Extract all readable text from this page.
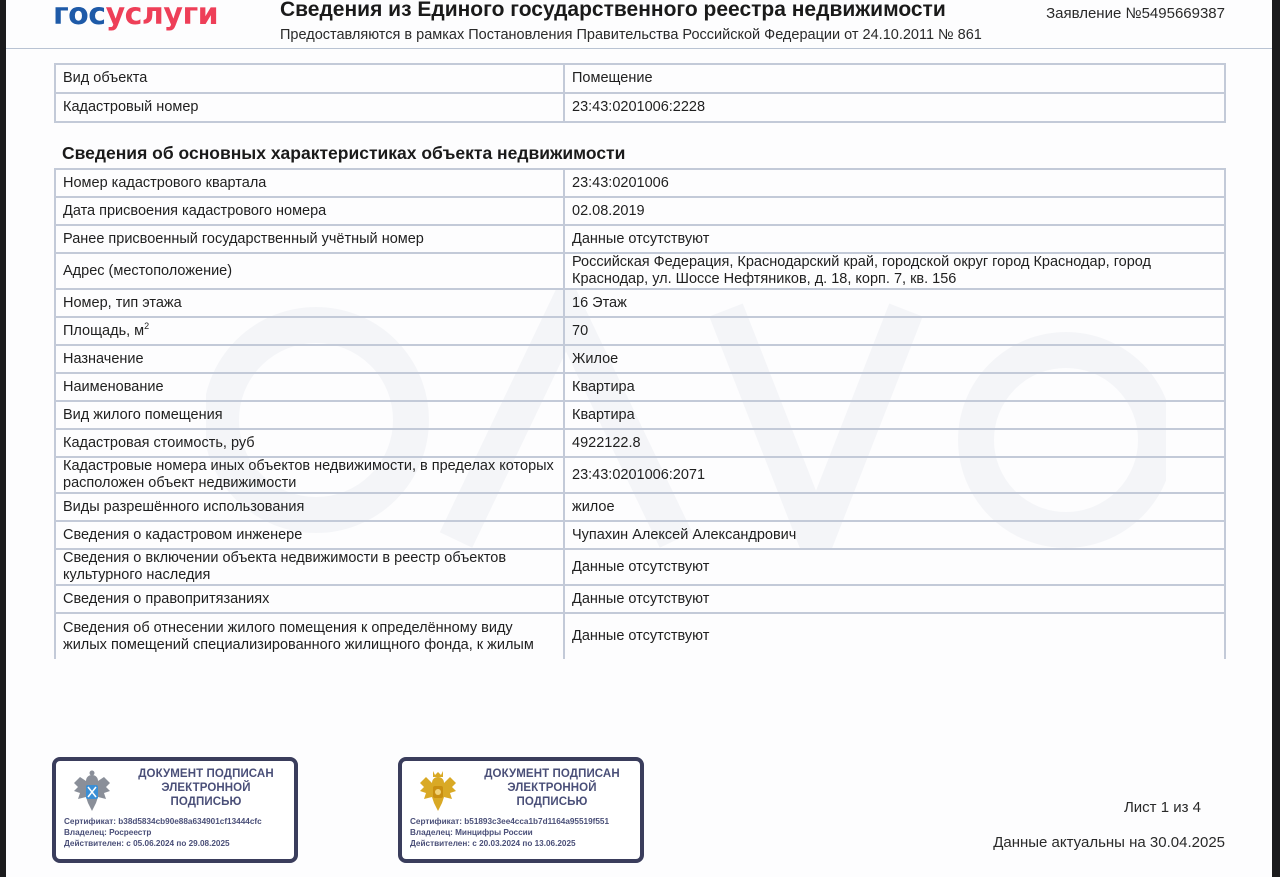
госуслуги	Сведения из Единого государственного реестра недвижимости
Предоставляются в рамках Постановления Правительства Российской Федерации от 24.10.2011 № 861
Заявление №5495669387
Вид объекта	Помещение
Кадастровый номер	23:43:0201006:2228
Сведения об основных характеристиках объекта недвижимости
Номер кадастрового квартала	23:43:0201006
Дата присвоения кадастрового номера	02.08.2019
Ранее присвоенный государственный учётный номер	Данные отсутствуют
Адрес (местоположение)	Российская Федерация, Краснодарский край, городской округ город Краснодар, город Краснодар, ул. Шоссе Нефтяников, д. 18, корп. 7, кв. 156
Номер, тип этажа	16 Этаж
Площадь, $м^2$	70
Назначение	Жилое
Наименование	Квартира
Вид жилого помещения	Квартира
Кадастровая стоимость, руб	4922122.8
Кадастровые номера иных объектов недвижимости, в пределах которых расположен объект недвижимости	23:43:0201006:2071
Виды разрешённого использования	жилое
Сведения о кадастровом инженере	Чупахин Алексей Александрович
Сведения о включении объекта недвижимости в реестр объектов культурного наследия	Данные отсутствуют
Сведения о правопритязаниях	Данные отсутствуют
Сведения об отнесении жилого помещения к определённому виду жилых помещений специализированного жилищного фонда, к жилым	Данные отсутствуют
ДОКУМЕНТ ПОДПИСАН
ЭЛЕКТРОННОЙ
ПОДПИСЬЮ
Сертификат: b38d5834cb90e88a634901cf13444cfc
Владелец: Росреестр
Действителен: с 05.06.2024 по 29.08.2025
ДОКУМЕНТ ПОДПИСАН
ЭЛЕКТРОННОЙ
ПОДПИСЬЮ
Сертификат: b51893c3ee4cca1b7d1164a95519f551
Владелец: Минцифры России
Действителен: с 20.03.2024 по 13.06.2025
Лист 1 из 4
Данные актуальны на 30.04.2025
